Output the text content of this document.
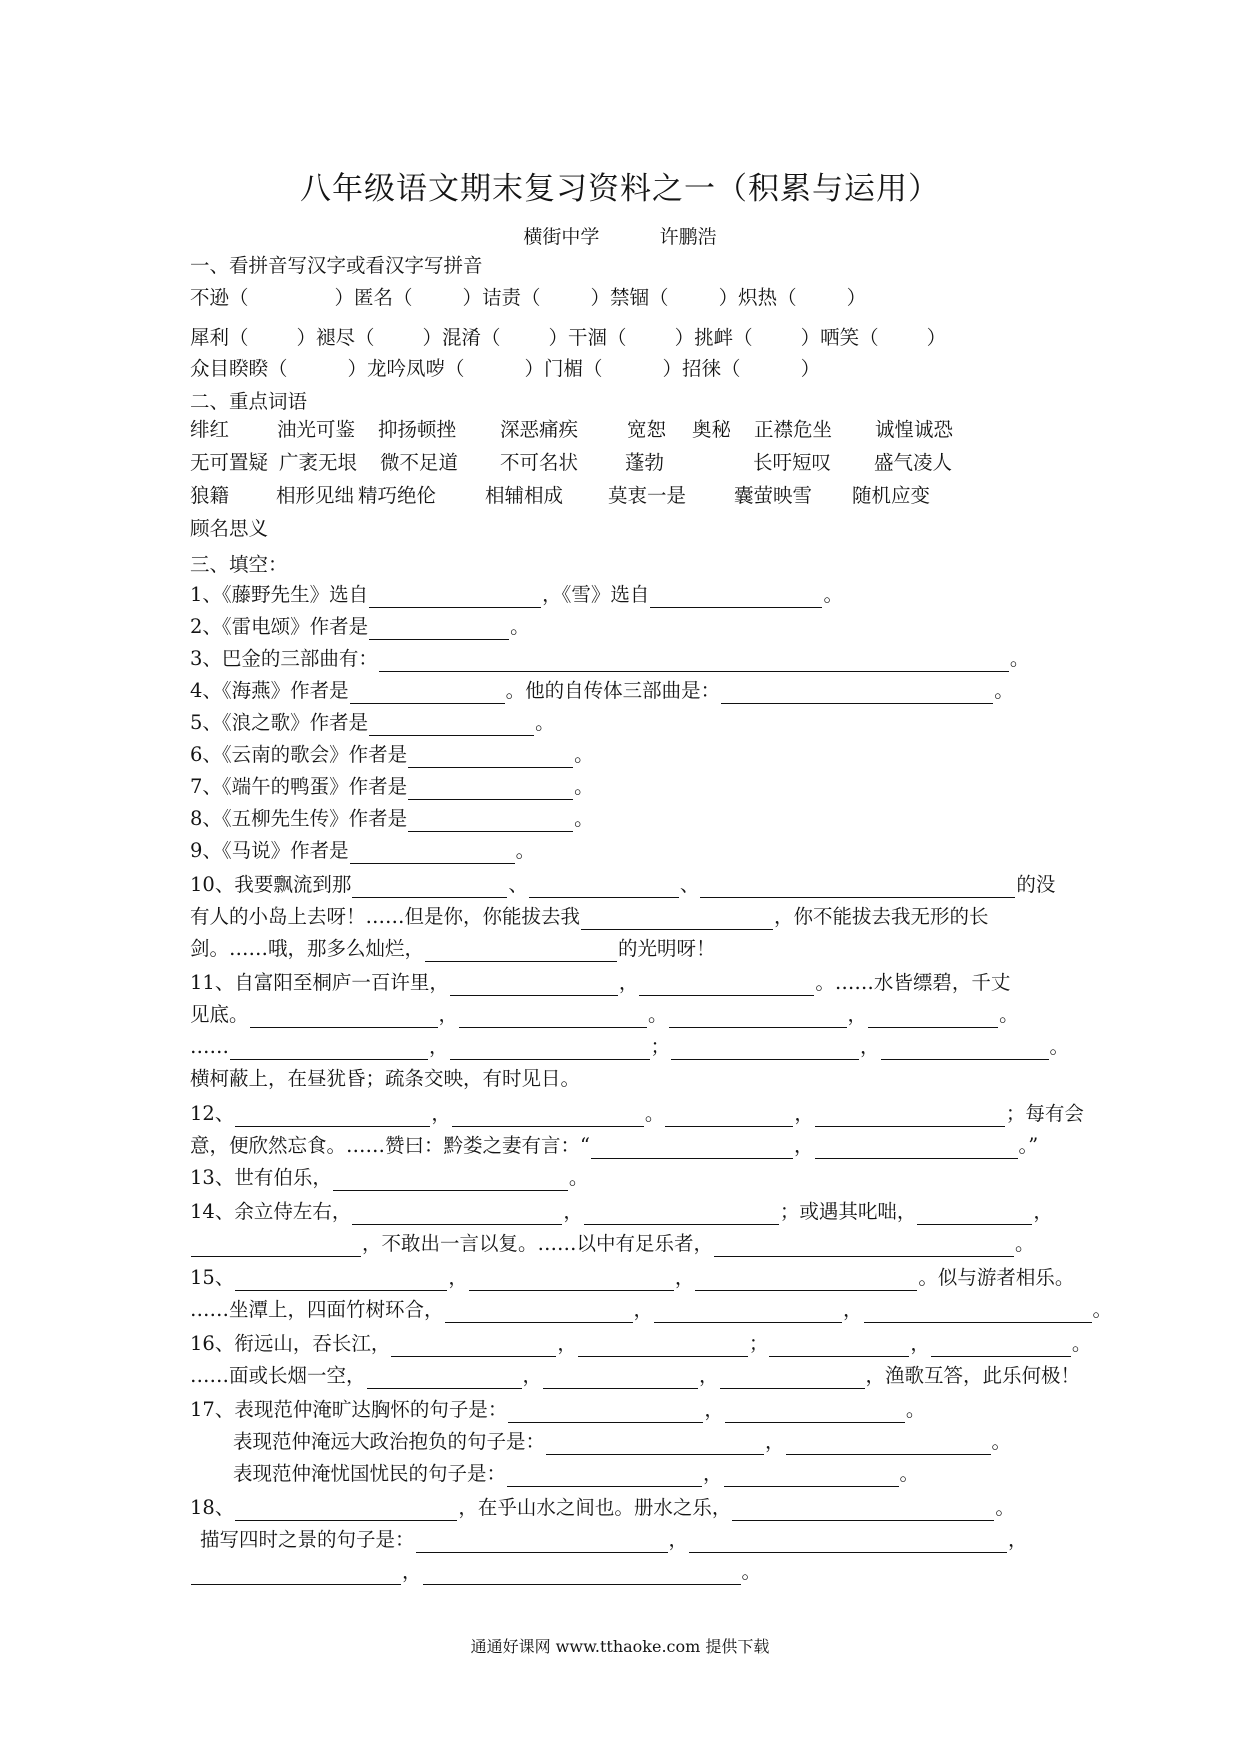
八年级语文期末复习资料之一（积累与运用）
横街中学	许鹏浩
一、看拼音写汉字或看汉字写拼音
不逊（	）匿名（	）诘责（	）禁锢（	）炽热（	）
犀利（ ）褪尽（ ）混淆（ ）干涸（ ）挑衅（ ）哂笑（ ）
众目睽睽（	）龙吟凤哕（	）门楣（	）招徕（	）
二、重点词语
绯红 油光可鉴 抑扬顿挫 深恶痛疾	宽恕 奥秘 正襟危坐 诚惶诚恐
无可置疑 广袤无垠 微不足道 不可名状 蓬勃	长吁短叹 盛气凌人
狼籍 相形见绌 精巧绝伦	相辅相成 莫衷一是 囊萤映雪 随机应变
顾名思义
三、填空：
1、《藤野先生》选自	，《雪》选自	。
2、《雷电颂》作者是	。
3、巴金的三部曲有：	。
4、《海燕》作者是	。他的自传体三部曲是：	。
5、《浪之歌》作者是	。
6、《云南的歌会》作者是	。
7、《端午的鸭蛋》作者是	。
8、《五柳先生传》作者是	。
9、《马说》作者是	。
10、我要飘流到那	、	、	的没
有人的小岛上去呀！……但是你，你能拔去我	，你不能拔去我无形的长
剑。……哦，那多么灿烂，	的光明呀！
11、自富阳至桐庐一百许里，	，	。……水皆缥碧，千丈
见底。	，	。	，	。
……	，	；	，	。
横柯蔽上，在昼犹昏；疏条交映，有时见日。
12、	，	。	，	；每有会
意，便欣然忘食。……赞曰：黔娄之妻有言：“	，	。”
13、世有伯乐，	。
14、余立侍左右，	，	；或遇其叱咄，	，
，不敢出一言以复。……以中有足乐者，	。
15、	，	，	。似与游者相乐。
……坐潭上，四面竹树环合，	，	，	。
16、衔远山，吞长江，	，	；	，	。
……面或长烟一空，	，	，	，渔歌互答，此乐何极！
17、表现范仲淹旷达胸怀的句子是：	，	。
表现范仲淹远大政治抱负的句子是：	，	。
表现范仲淹忧国忧民的句子是：	，	。
18、	，在乎山水之间也。册水之乐，	。
描写四时之景的句子是：	，	，
，	。
通通好课网 www.tthaoke.com 提供下载
